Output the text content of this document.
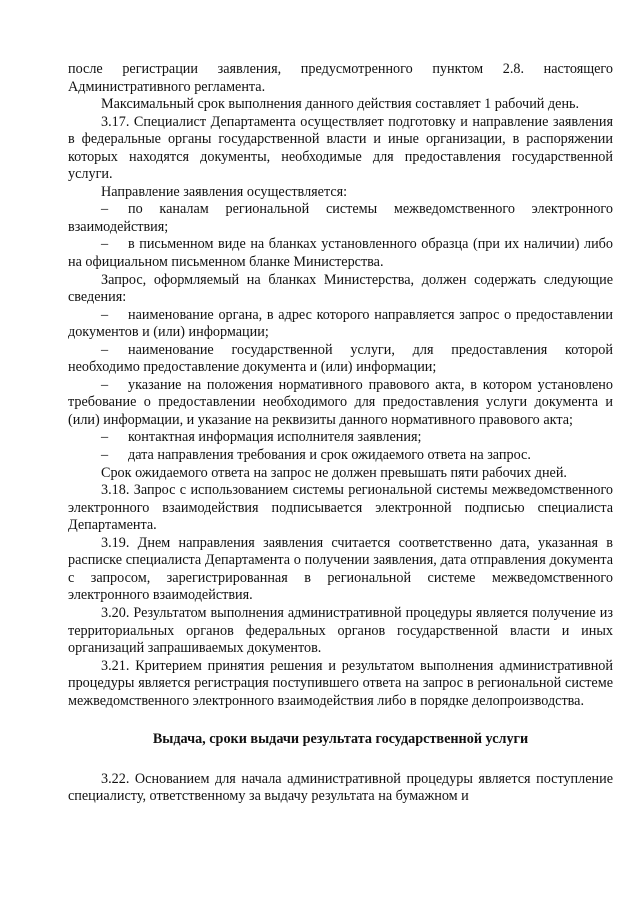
после регистрации заявления, предусмотренного пунктом 2.8. настоящего Административного регламента.

Максимальный срок выполнения данного действия составляет 1 рабочий день.

3.17. Специалист Департамента осуществляет подготовку и направление заявления в федеральные органы государственной власти и иные организации, в распоряжении которых находятся документы, необходимые для предоставления государственной услуги.

Направление заявления осуществляется:

– по каналам региональной системы межведомственного электронного взаимодействия;

– в письменном виде на бланках установленного образца (при их наличии) либо на официальном письменном бланке Министерства.

Запрос, оформляемый на бланках Министерства, должен содержать следующие сведения:

– наименование органа, в адрес которого направляется запрос о предоставлении документов и (или) информации;

– наименование государственной услуги, для предоставления которой необходимо предоставление документа и (или) информации;

– указание на положения нормативного правового акта, в котором установлено требование о предоставлении необходимого для предоставления услуги документа и (или) информации, и указание на реквизиты данного нормативного правового акта;

– контактная информация исполнителя заявления;

– дата направления требования и срок ожидаемого ответа на запрос.

Срок ожидаемого ответа на запрос не должен превышать пяти рабочих дней.

3.18. Запрос с использованием системы региональной системы межведомственного электронного взаимодействия подписывается электронной подписью специалиста Департамента.

3.19. Днем направления заявления считается соответственно дата, указанная в расписке специалиста Департамента о получении заявления, дата отправления документа с запросом, зарегистрированная в региональной системе межведомственного электронного взаимодействия.

3.20. Результатом выполнения административной процедуры является получение из территориальных органов федеральных органов государственной власти и иных организаций запрашиваемых документов.

3.21. Критерием принятия решения и результатом выполнения административной процедуры является регистрация поступившего ответа на запрос в региональной системе межведомственного электронного взаимодействия либо в порядке делопроизводства.

Выдача, сроки выдачи результата государственной услуги

3.22. Основанием для начала административной процедуры является поступление специалисту, ответственному за выдачу результата на бумажном и
